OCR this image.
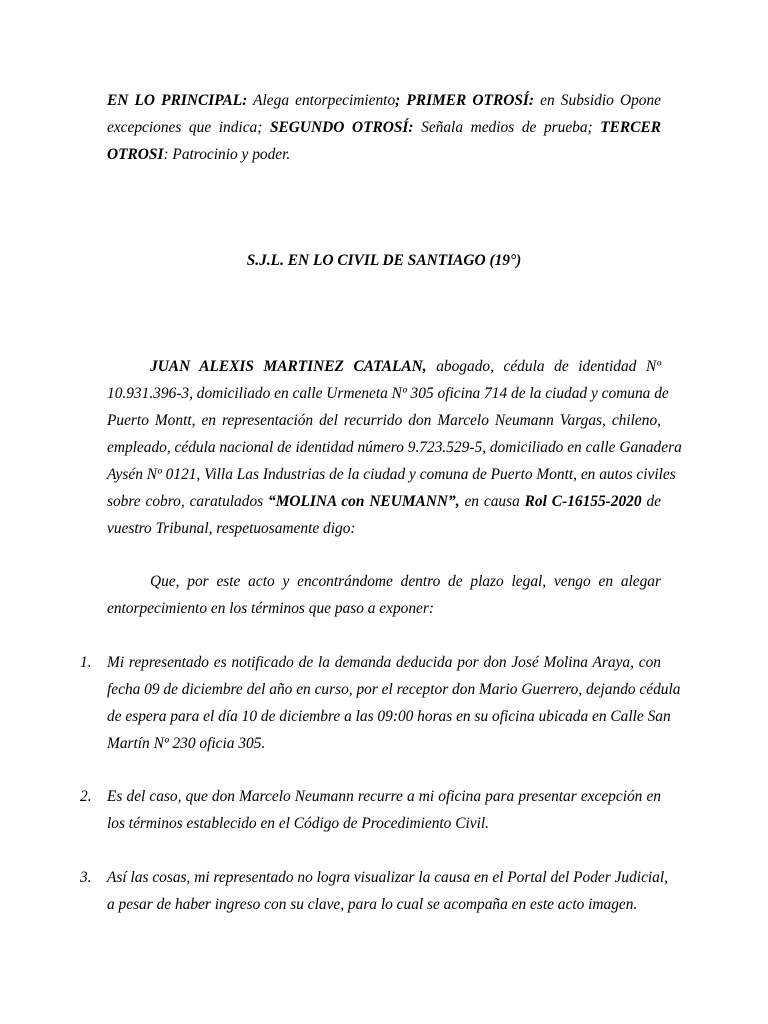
EN LO PRINCIPAL: Alega entorpecimiento; PRIMER OTROSÍ: en Subsidio Opone
excepciones que indica; SEGUNDO OTROSÍ: Señala medios de prueba; TERCER
OTROSI: Patrocinio y poder.
S.J.L. EN LO CIVIL DE SANTIAGO (19°)
JUAN ALEXIS MARTINEZ CATALAN, abogado, cédula de identidad Nº
10.931.396-3, domiciliado en calle Urmeneta Nº 305 oficina 714 de la ciudad y comuna de
Puerto Montt, en representación del recurrido don Marcelo Neumann Vargas, chileno,
empleado, cédula nacional de identidad número 9.723.529-5, domiciliado en calle Ganadera
Aysén Nº 0121, Villa Las Industrias de la ciudad y comuna de Puerto Montt, en autos civiles
sobre cobro, caratulados “MOLINA con NEUMANN”, en causa Rol C-16155-2020 de
vuestro Tribunal, respetuosamente digo:
Que, por este acto y encontrándome dentro de plazo legal, vengo en alegar
entorpecimiento en los términos que paso a exponer:
1. Mi representado es notificado de la demanda deducida por don José Molina Araya, con
fecha 09 de diciembre del año en curso, por el receptor don Mario Guerrero, dejando cédula
de espera para el día 10 de diciembre a las 09:00 horas en su oficina ubicada en Calle San
Martín Nº 230 oficia 305.
2. Es del caso, que don Marcelo Neumann recurre a mi oficina para presentar excepción en
los términos establecido en el Código de Procedimiento Civil.
3. Así las cosas, mi representado no logra visualizar la causa en el Portal del Poder Judicial,
a pesar de haber ingreso con su clave, para lo cual se acompaña en este acto imagen.
